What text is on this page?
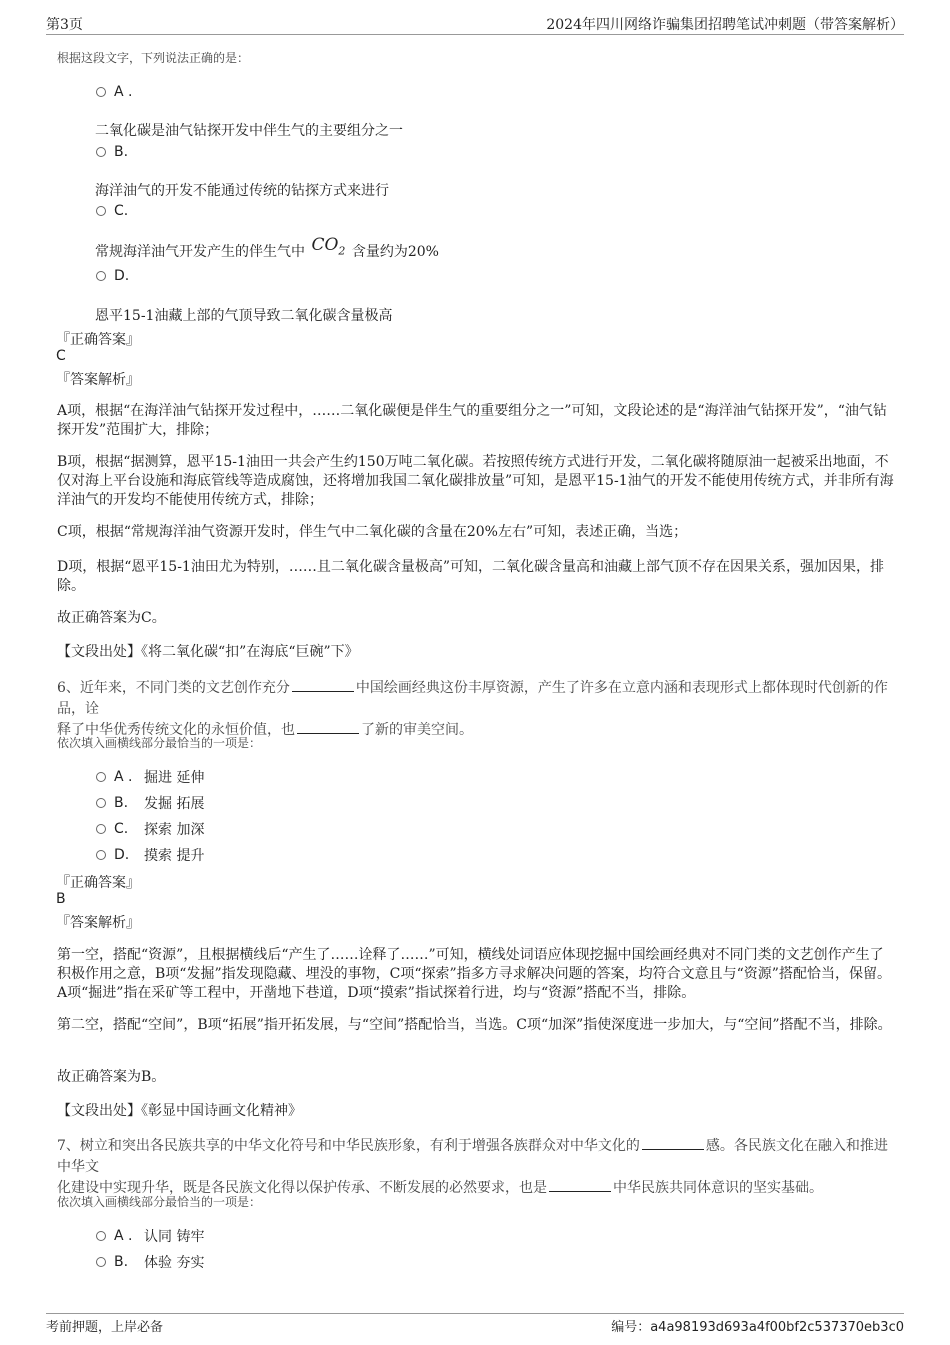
第3页	2024年四川网络诈骗集团招聘笔试冲刺题（带答案解析）
根据这段文字，下列说法正确的是：
A .
二氧化碳是油气钻探开发中伴生气的主要组分之一
B.
海洋油气的开发不能通过传统的钻探方式来进行
C.
常规海洋油气开发产生的伴生气中 $CO_2$ 含量约为20%
D.
恩平15-1油藏上部的气顶导致二氧化碳含量极高
『正确答案』
C
『答案解析』
A项，根据“在海洋油气钻探开发过程中，……二氧化碳便是伴生气的重要组分之一”可知，文段论述的是“海洋油气钻探开发”，“油气钻探开发”范围扩大，排除；
B项，根据“据测算，恩平15-1油田一共会产生约150万吨二氧化碳。若按照传统方式进行开发，二氧化碳将随原油一起被采出地面，不仅对海上平台设施和海底管线等造成腐蚀，还将增加我国二氧化碳排放量”可知，是恩平15-1油气的开发不能使用传统方式，并非所有海洋油气的开发均不能使用传统方式，排除；
C项，根据“常规海洋油气资源开发时，伴生气中二氧化碳的含量在20%左右”可知，表述正确，当选；
D项，根据“恩平15-1油田尤为特别，……且二氧化碳含量极高”可知，二氧化碳含量高和油藏上部气顶不存在因果关系，强加因果，排除。
故正确答案为C。
【文段出处】《将二氧化碳“扣”在海底“巨碗”下》
6、近年来，不同门类的文艺创作充分	中国绘画经典这份丰厚资源，产生了许多在立意内涵和表现形式上都体现时代创新的作品，诠
释了中华优秀传统文化的永恒价值，也	了新的审美空间。
依次填入画横线部分最恰当的一项是：
A . 掘进 延伸
B.	发掘 拓展
C.	探索 加深
D.	摸索 提升
『正确答案』
B
『答案解析』
第一空，搭配“资源”，且根据横线后“产生了……诠释了……”可知，横线处词语应体现挖掘中国绘画经典对不同门类的文艺创作产生了积极作用之意，B项“发掘”指发现隐藏、埋没的事物，C项“探索”指多方寻求解决问题的答案，均符合文意且与“资源”搭配恰当，保留。A项“掘进”指在采矿等工程中，开凿地下巷道，D项“摸索”指试探着行进，均与“资源”搭配不当，排除。
第二空，搭配“空间”，B项“拓展”指开拓发展，与“空间”搭配恰当，当选。C项“加深”指使深度进一步加大，与“空间”搭配不当，排除。
故正确答案为B。
【文段出处】《彰显中国诗画文化精神》
7、树立和突出各民族共享的中华文化符号和中华民族形象，有利于增强各族群众对中华文化的	感。各民族文化在融入和推进中华文
化建设中实现升华，既是各民族文化得以保护传承、不断发展的必然要求，也是	中华民族共同体意识的坚实基础。
依次填入画横线部分最恰当的一项是：
A . 认同 铸牢
B.	体验 夯实
考前押题，上岸必备	编号：a4a98193d693a4f00bf2c537370eb3c0
